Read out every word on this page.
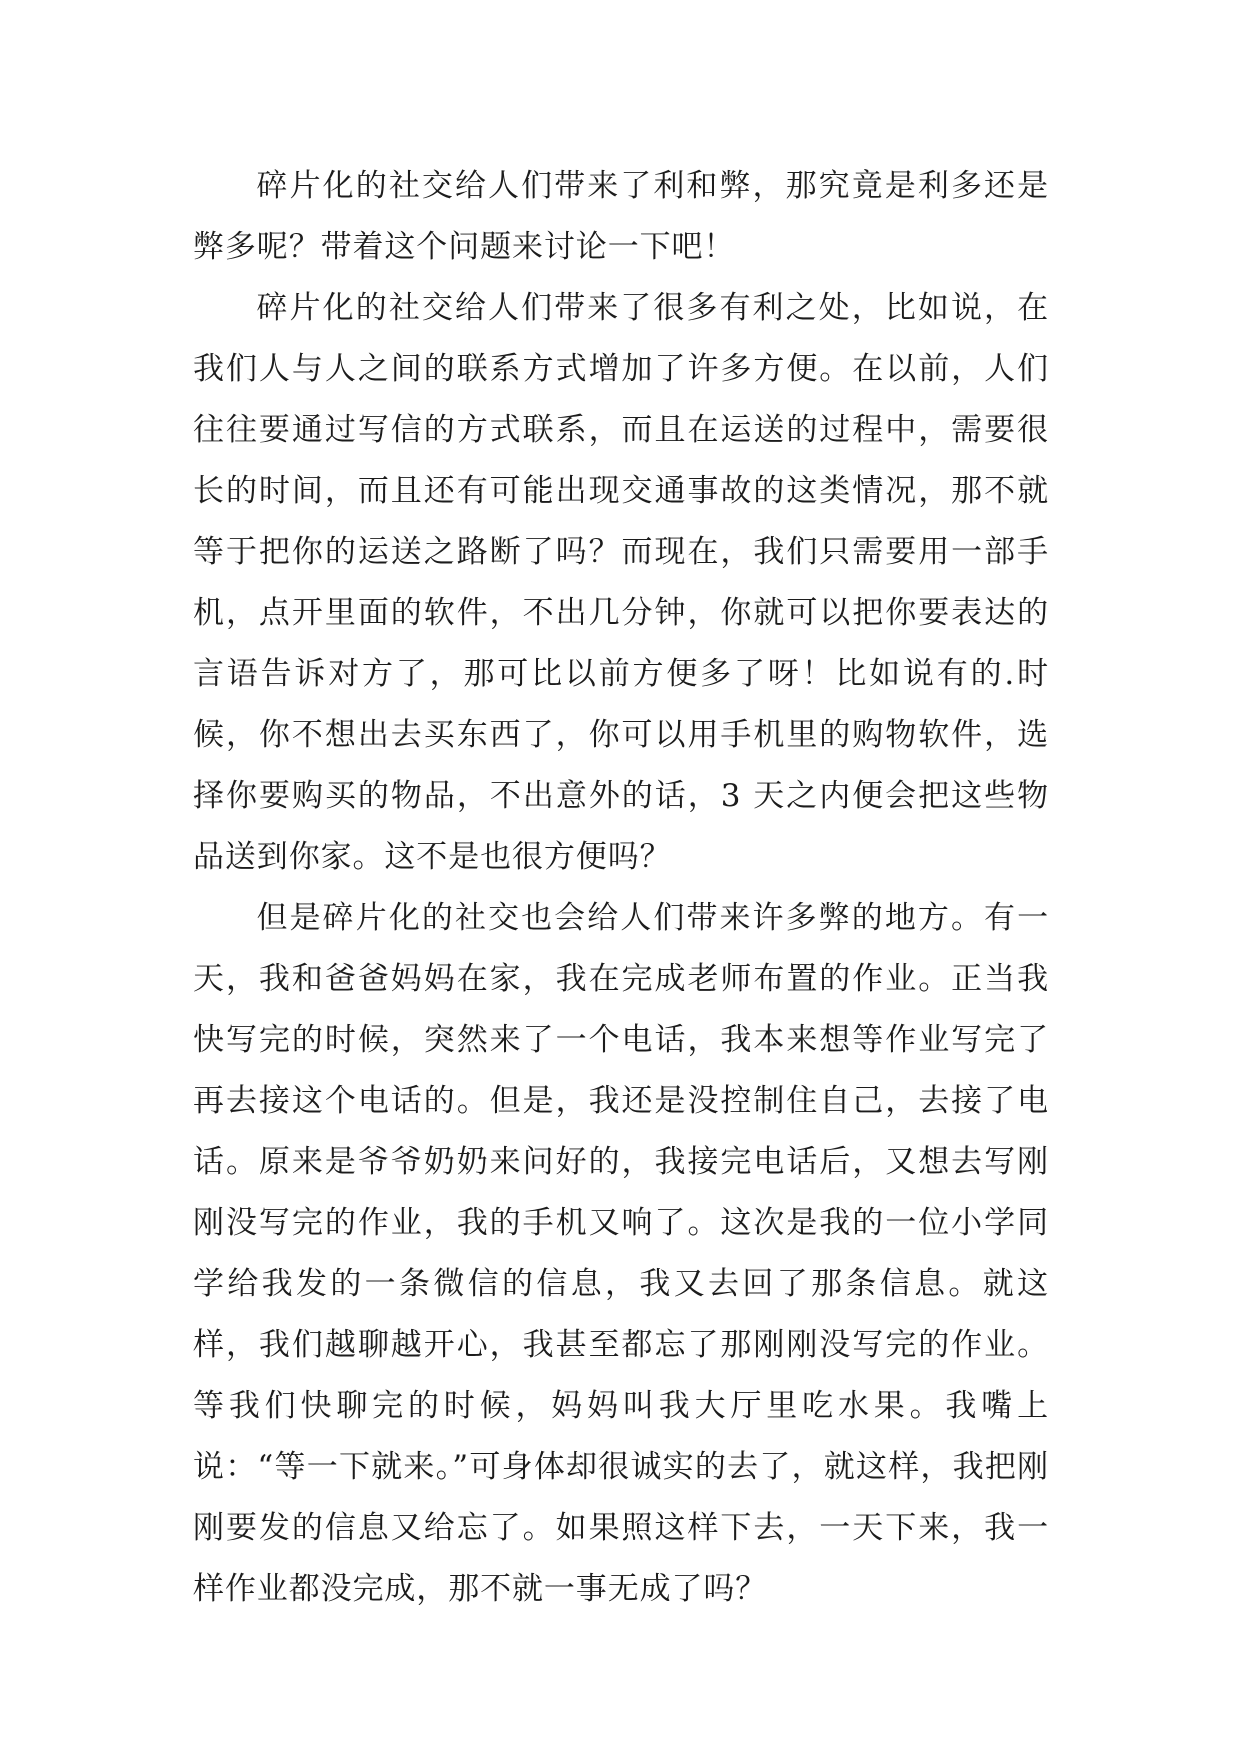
碎片化的社交给人们带来了利和弊，那究竟是利多还是弊多呢？带着这个问题来讨论一下吧！

碎片化的社交给人们带来了很多有利之处，比如说，在我们人与人之间的联系方式增加了许多方便。在以前，人们往往要通过写信的方式联系，而且在运送的过程中，需要很长的时间，而且还有可能出现交通事故的这类情况，那不就等于把你的运送之路断了吗？而现在，我们只需要用一部手机，点开里面的软件，不出几分钟，你就可以把你要表达的言语告诉对方了，那可比以前方便多了呀！比如说有的.时候，你不想出去买东西了，你可以用手机里的购物软件，选择你要购买的物品，不出意外的话，3 天之内便会把这些物品送到你家。这不是也很方便吗？

但是碎片化的社交也会给人们带来许多弊的地方。有一天，我和爸爸妈妈在家，我在完成老师布置的作业。正当我快写完的时候，突然来了一个电话，我本来想等作业写完了再去接这个电话的。但是，我还是没控制住自己，去接了电话。原来是爷爷奶奶来问好的，我接完电话后，又想去写刚刚没写完的作业，我的手机又响了。这次是我的一位小学同学给我发的一条微信的信息，我又去回了那条信息。就这样，我们越聊越开心，我甚至都忘了那刚刚没写完的作业。等我们快聊完的时候，妈妈叫我大厅里吃水果。我嘴上说：“等一下就来。”可身体却很诚实的去了，就这样，我把刚刚要发的信息又给忘了。如果照这样下去，一天下来，我一样作业都没完成，那不就一事无成了吗？
